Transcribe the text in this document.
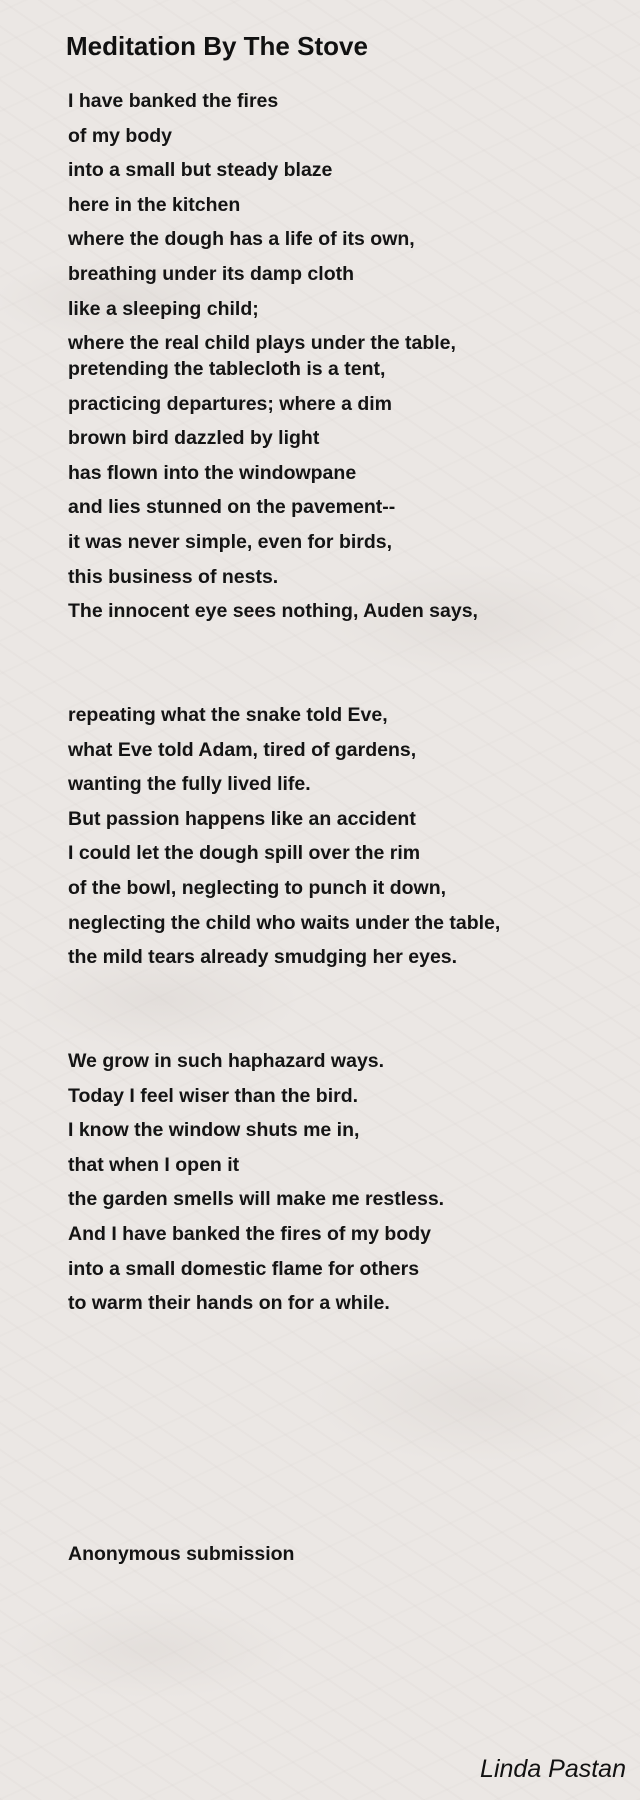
Meditation By The Stove
I have banked the fires
of my body
into a small but steady blaze
here in the kitchen
where the dough has a life of its own,
breathing under its damp cloth
like a sleeping child;
where the real child plays under the table,
pretending the tablecloth is a tent,
practicing departures; where a dim
brown bird dazzled by light
has flown into the windowpane
and lies stunned on the pavement--
it was never simple, even for birds,
this business of nests.
The innocent eye sees nothing, Auden says,
repeating what the snake told Eve,
what Eve told Adam, tired of gardens,
wanting the fully lived life.
But passion happens like an accident
I could let the dough spill over the rim
of the bowl, neglecting to punch it down,
neglecting the child who waits under the table,
the mild tears already smudging her eyes.
We grow in such haphazard ways.
Today I feel wiser than the bird.
I know the window shuts me in,
that when I open it
the garden smells will make me restless.
And I have banked the fires of my body
into a small domestic flame for others
to warm their hands on for a while.
Anonymous submission
Linda Pastan
